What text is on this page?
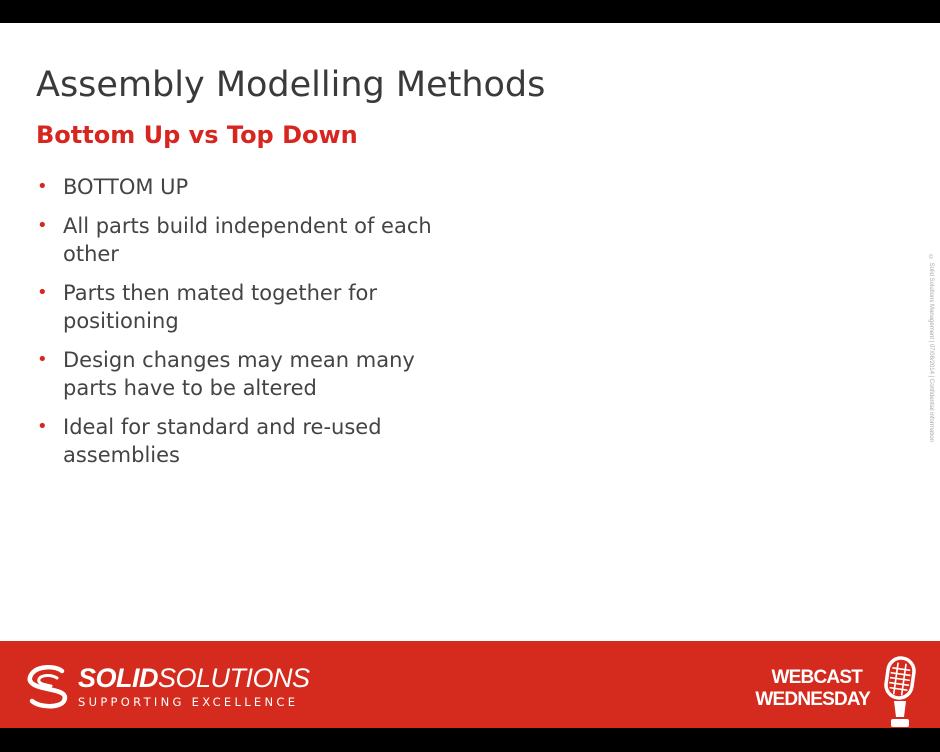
Assembly Modelling Methods
Bottom Up vs Top Down
• BOTTOM UP
• All parts build independent of each other
• Parts then mated together for positioning
• Design changes may mean many parts have to be altered
• Ideal for standard and re-used assemblies
© Solid Solutions Management | 07/08/2014 | Confidential information
SOLIDSOLUTIONS
SUPPORTING EXCELLENCE
WEBCAST
WEDNESDAY
